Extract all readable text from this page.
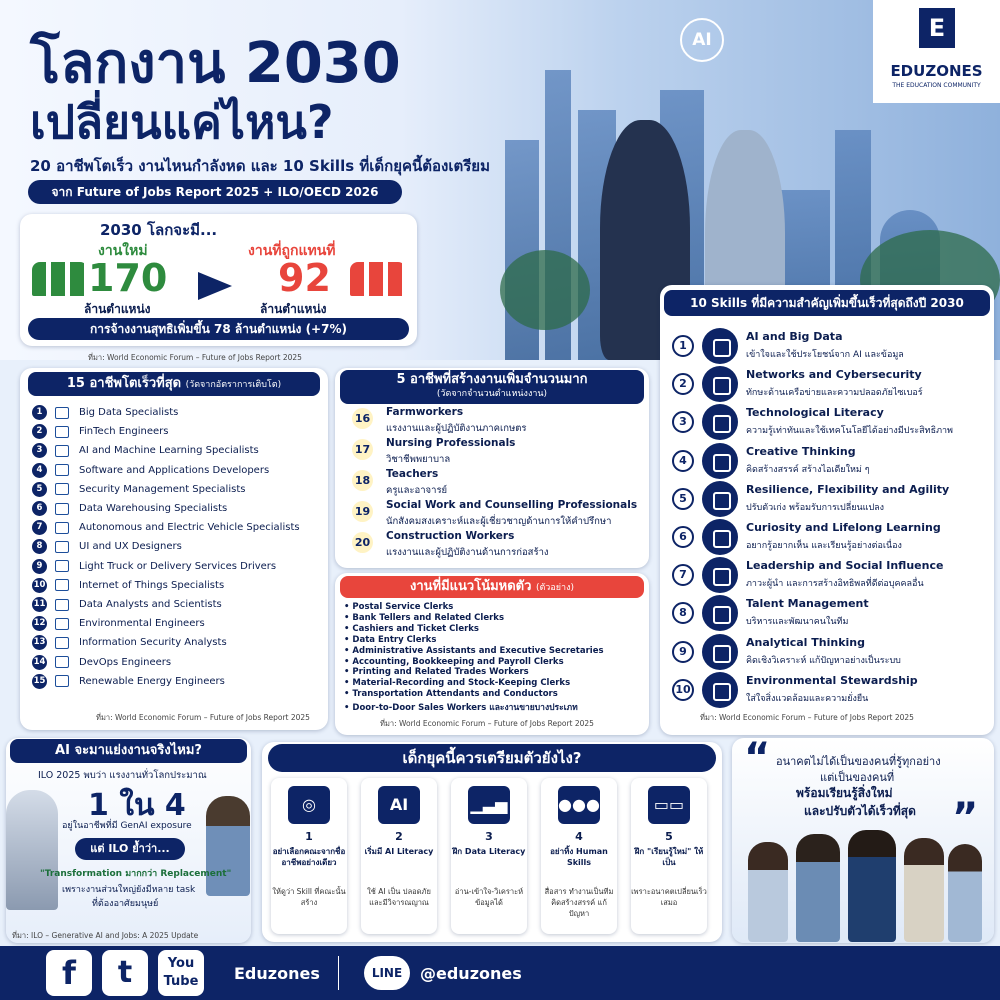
โลกงาน 2030
เปลี่ยนแค่ไหน?
20 อาชีพโตเร็ว งานไหนกำลังหด และ 10 Skills ที่เด็กยุคนี้ต้องเตรียม
จาก Future of Jobs Report 2025 + ILO/OECD 2026
AI	E
EDUZONES
THE EDUCATION COMMUNITY
2030 โลกจะมี...
งานใหม่
170
ล้านตำแหน่ง
งานที่ถูกแทนที่
92
ล้านตำแหน่ง
การจ้างงานสุทธิเพิ่มขึ้น 78 ล้านตำแหน่ง (+7%)
ที่มา: World Economic Forum – Future of Jobs Report 2025
15 อาชีพโตเร็วที่สุด (วัดจากอัตราการเติบโต)
1	Big Data Specialists
2	FinTech Engineers
3	AI and Machine Learning Specialists
4	Software and Applications Developers
5	Security Management Specialists
6	Data Warehousing Specialists
7	Autonomous and Electric Vehicle Specialists
8	UI and UX Designers
9	Light Truck or Delivery Services Drivers
10	Internet of Things Specialists
11	Data Analysts and Scientists
12	Environmental Engineers
13	Information Security Analysts
14	DevOps Engineers
15	Renewable Energy Engineers
ที่มา: World Economic Forum – Future of Jobs Report 2025
5 อาชีพที่สร้างงานเพิ่มจำนวนมาก
(วัดจากจำนวนตำแหน่งงาน)
16 Farmworkers
แรงงานและผู้ปฏิบัติงานภาคเกษตร
17 Nursing Professionals
วิชาชีพพยาบาล
18 Teachers
ครูและอาจารย์
19 Social Work and Counselling Professionals
นักสังคมสงเคราะห์และผู้เชี่ยวชาญด้านการให้คำปรึกษา
20 Construction Workers
แรงงานและผู้ปฏิบัติงานด้านการก่อสร้าง
งานที่มีแนวโน้มหดตัว (ตัวอย่าง)
• Postal Service Clerks
• Bank Tellers and Related Clerks
• Cashiers and Ticket Clerks
• Data Entry Clerks
• Administrative Assistants and Executive Secretaries
• Accounting, Bookkeeping and Payroll Clerks
• Printing and Related Trades Workers
• Material-Recording and Stock-Keeping Clerks
• Transportation Attendants and Conductors
• Door-to-Door Sales Workers และงานขายบางประเภท
ที่มา: World Economic Forum – Future of Jobs Report 2025
10 Skills ที่มีความสำคัญเพิ่มขึ้นเร็วที่สุดถึงปี 2030
1
AI and Big Data
เข้าใจและใช้ประโยชน์จาก AI และข้อมูล
2
Networks and Cybersecurity
ทักษะด้านเครือข่ายและความปลอดภัยไซเบอร์
3
Technological Literacy
ความรู้เท่าทันและใช้เทคโนโลยีได้อย่างมีประสิทธิภาพ
4
Creative Thinking
คิดสร้างสรรค์ สร้างไอเดียใหม่ ๆ
5
Resilience, Flexibility and Agility
ปรับตัวเก่ง พร้อมรับการเปลี่ยนแปลง
6
Curiosity and Lifelong Learning
อยากรู้อยากเห็น และเรียนรู้อย่างต่อเนื่อง
7
Leadership and Social Influence
ภาวะผู้นำ และการสร้างอิทธิพลที่ดีต่อบุคคลอื่น
8
Talent Management
บริหารและพัฒนาคนในทีม
9
Analytical Thinking
คิดเชิงวิเคราะห์ แก้ปัญหาอย่างเป็นระบบ
10
Environmental Stewardship
ใส่ใจสิ่งแวดล้อมและความยั่งยืน
ที่มา: World Economic Forum – Future of Jobs Report 2025
AI จะมาแย่งงานจริงไหม?
ILO 2025 พบว่า แรงงานทั่วโลกประมาณ
1 ใน 4
อยู่ในอาชีพที่มี GenAI exposure
แต่ ILO ย้ำว่า...
"Transformation มากกว่า Replacement"
เพราะงานส่วนใหญ่ยังมีหลาย task
ที่ต้องอาศัยมนุษย์
ที่มา: ILO – Generative AI and Jobs: A 2025 Update
เด็กยุคนี้ควรเตรียมตัวยังไง?
◎
1
อย่าเลือกคณะจากชื่ออาชีพอย่างเดียว
ให้ดูว่า Skill ที่คณะนั้นสร้าง
AI
2
เริ่มมี AI Literacy
ใช้ AI เป็น ปลอดภัยและมีวิจารณญาณ
▁▃▅
3
ฝึก Data Literacy
อ่าน-เข้าใจ-วิเคราะห์ข้อมูลได้
●●●
4
อย่าทิ้ง Human Skills
สื่อสาร ทำงานเป็นทีม คิดสร้างสรรค์ แก้ปัญหา
▭▭
5
ฝึก "เรียนรู้ใหม่" ให้เป็น
เพราะอนาคตเปลี่ยนเร็วเสมอ
“ อนาคตไม่ได้เป็นของคนที่รู้ทุกอย่าง
แต่เป็นของคนที่
พร้อมเรียนรู้สิ่งใหม่
และปรับตัวได้เร็วที่สุด ”
f	t	You
Tube	Eduzones	LINE	@eduzones
